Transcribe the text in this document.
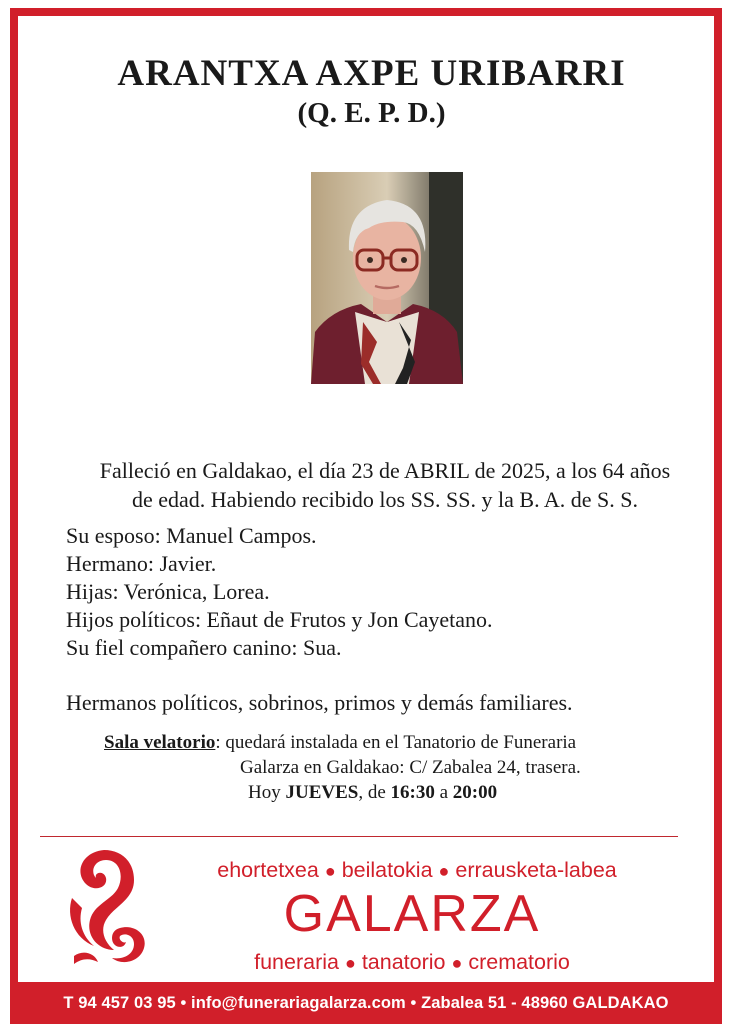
ARANTXA AXPE URIBARRI
(Q. E. P. D.)
Falleció en Galdakao, el día 23 de ABRIL de 2025, a los 64 años
de edad. Habiendo recibido los SS. SS. y la B. A. de S. S.
Su esposo: Manuel Campos.
Hermano: Javier.
Hijas: Verónica, Lorea.
Hijos políticos: Eñaut de Frutos y Jon Cayetano.
Su fiel compañero canino: Sua.
Hermanos políticos, sobrinos, primos y demás familiares.
Sala velatorio: quedará instalada en el Tanatorio de Funeraria
Galarza en Galdakao: C/ Zabalea 24, trasera.
Hoy JUEVES, de 16:30 a 20:00
ehortetxea ● beilatokia ● errausketa-labea
GALARZA
funeraria ● tanatorio ● crematorio
T 94 457 03 95 • info@funerariagalarza.com • Zabalea 51 - 48960 GALDAKAO
